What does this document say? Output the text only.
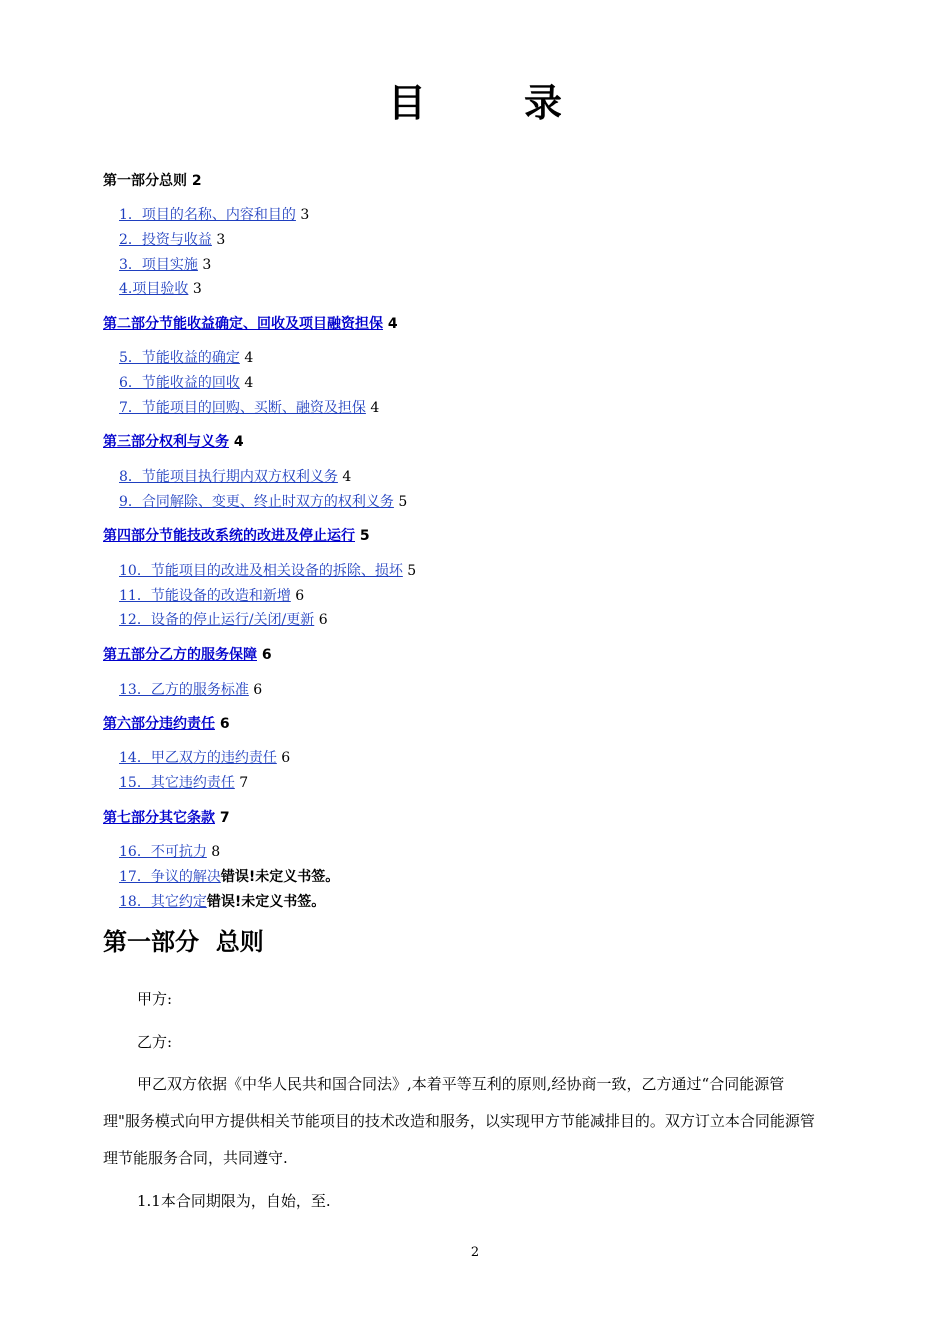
目　录
第一部分总则 2
1．项目的名称、内容和目的 3
2．投资与收益 3
3．项目实施 3
4.项目验收 3
第二部分节能收益确定、回收及项目融资担保 4
5．节能收益的确定 4
6．节能收益的回收 4
7．节能项目的回购、买断、融资及担保 4
第三部分权利与义务 4
8．节能项目执行期内双方权利义务 4
9．合同解除、变更、终止时双方的权利义务 5
第四部分节能技改系统的改进及停止运行 5
10．节能项目的改进及相关设备的拆除、损坏 5
11．节能设备的改造和新增 6
12．设备的停止运行/关闭/更新 6
第五部分乙方的服务保障 6
13．乙方的服务标准 6
第六部分违约责任 6
14．甲乙双方的违约责任 6
15．其它违约责任 7
第七部分其它条款 7
16．不可抗力 8
17．争议的解决错误!未定义书签。
18．其它约定错误!未定义书签。
第一部分  总则
甲方:
乙方:
甲乙双方依据《中华人民共和国合同法》,本着平等互利的原则,经协商一致，乙方通过“合同能源管理"服务模式向甲方提供相关节能项目的技术改造和服务，以实现甲方节能减排目的。双方订立本合同能源管理节能服务合同，共同遵守.
1.1本合同期限为，自始，至.
2
